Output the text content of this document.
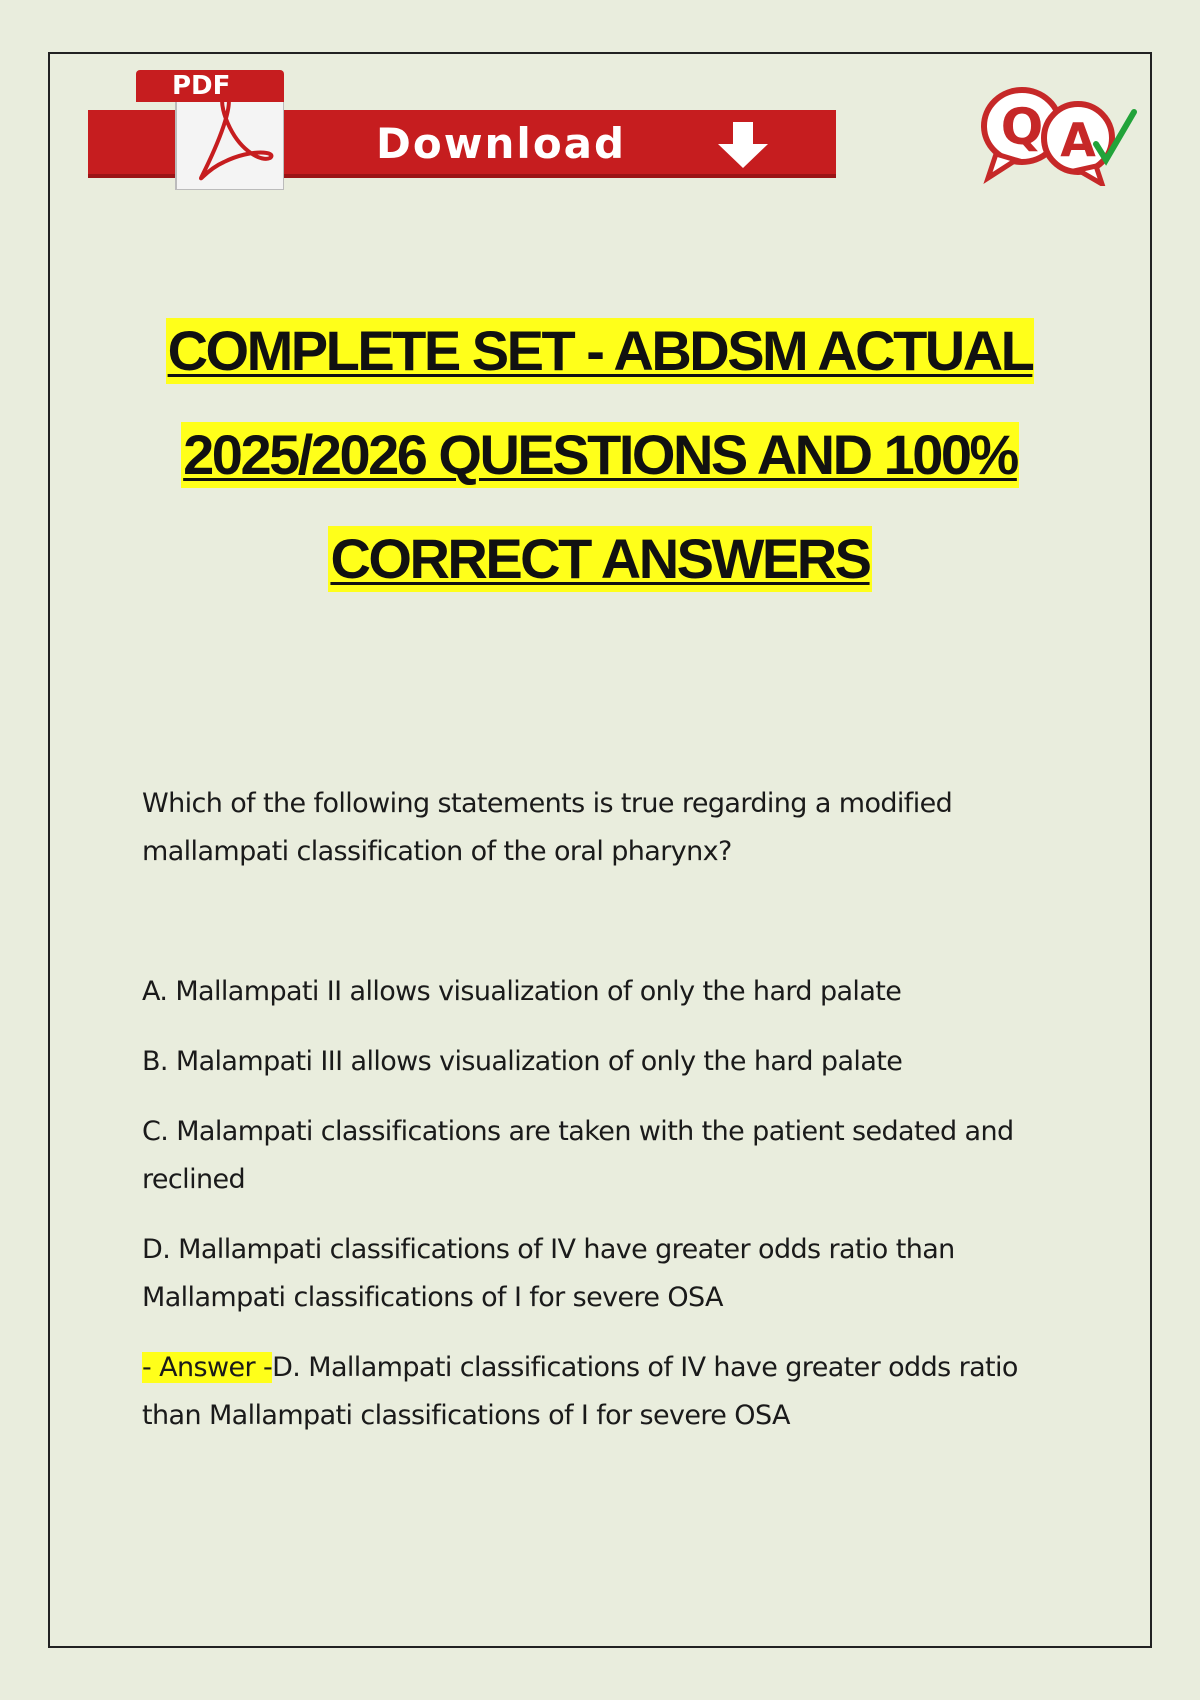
PDF
Download	Q A
COMPLETE SET - ABDSM ACTUAL
2025/2026 QUESTIONS AND 100%
CORRECT ANSWERS
Which of the following statements is true regarding a modified mallampati classification of the oral pharynx?
A. Mallampati II allows visualization of only the hard palate
B. Malampati III allows visualization of only the hard palate
C. Malampati classifications are taken with the patient sedated and reclined
D. Mallampati classifications of IV have greater odds ratio than Mallampati classifications of I for severe OSA
- Answer -D. Mallampati classifications of IV have greater odds ratio than Mallampati classifications of I for severe OSA
